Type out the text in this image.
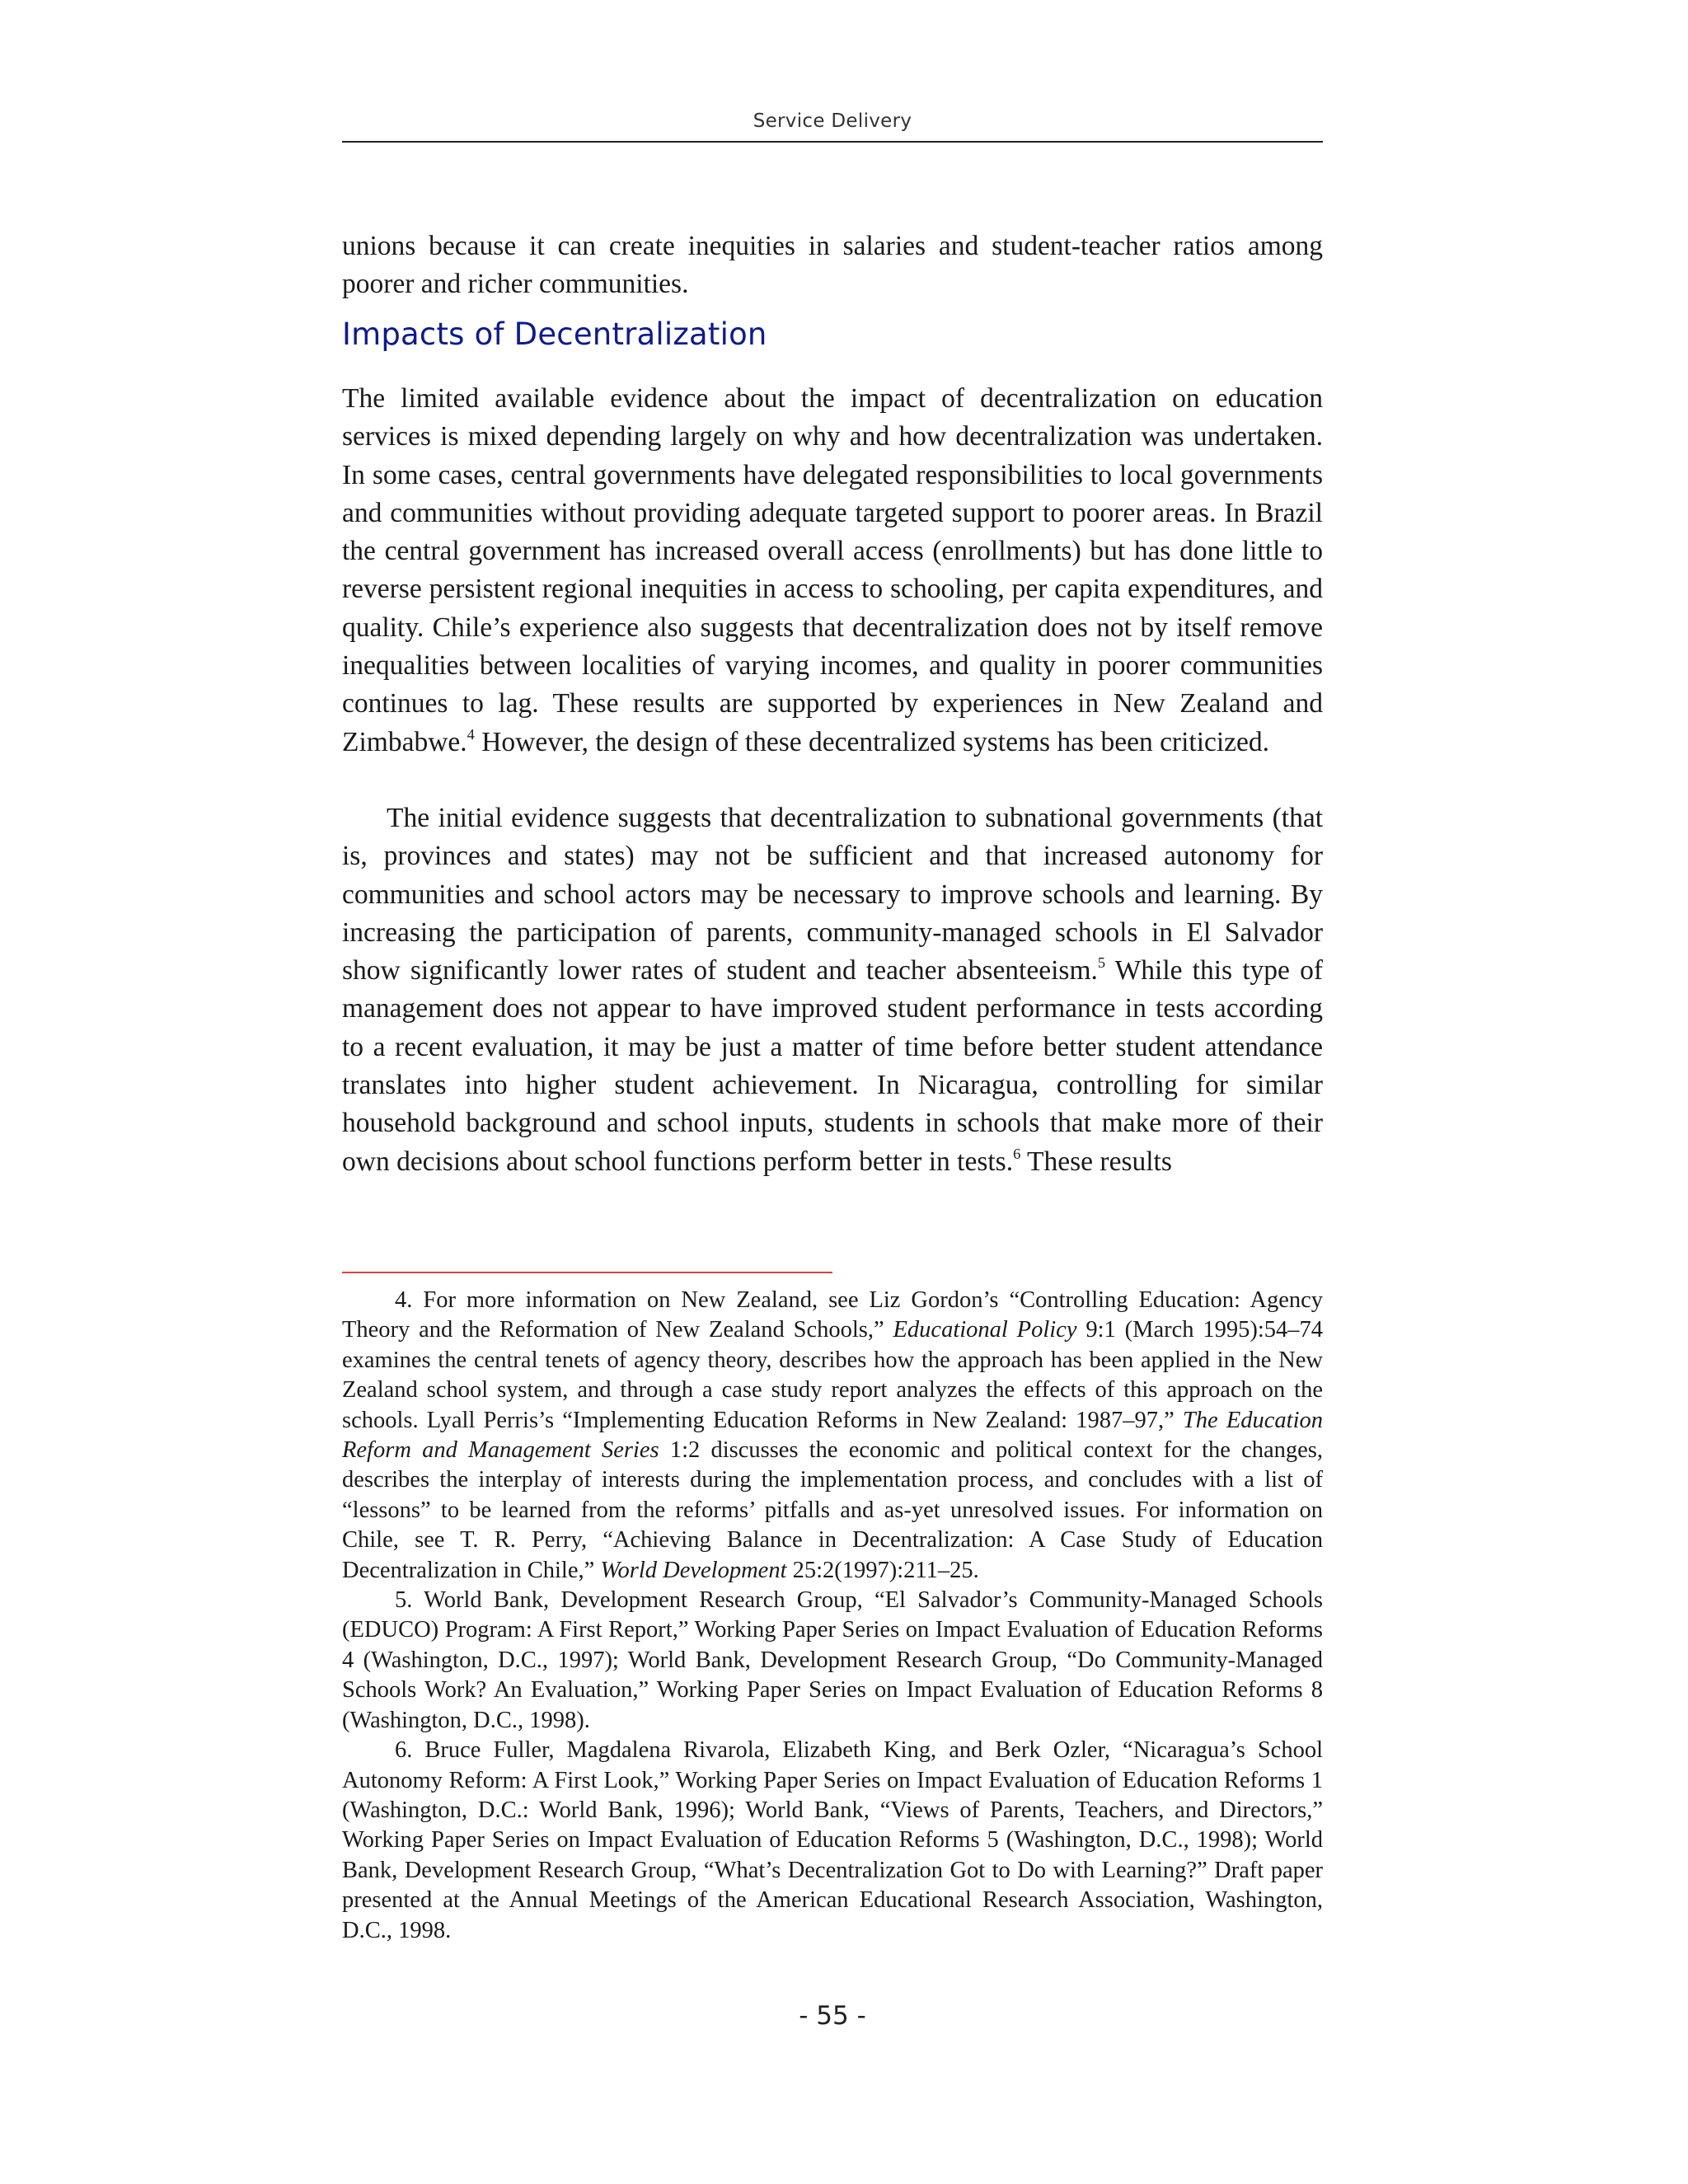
Service Delivery

unions because it can create inequities in salaries and student-teacher ratios among poorer and richer communities.

Impacts of Decentralization

The limited available evidence about the impact of decentralization on education services is mixed depending largely on why and how decentralization was undertaken. In some cases, central governments have delegated responsibilities to local governments and communities without providing adequate targeted support to poorer areas. In Brazil the central government has increased overall access (enrollments) but has done little to reverse persistent regional inequities in access to schooling, per capita expenditures, and quality. Chile’s experience also suggests that decentralization does not by itself remove inequalities between localities of varying incomes, and quality in poorer communities continues to lag. These results are supported by experiences in New Zealand and Zimbabwe.$^4$ However, the design of these decentralized systems has been criticized.

The initial evidence suggests that decentralization to subnational governments (that is, provinces and states) may not be sufficient and that increased autonomy for communities and school actors may be necessary to improve schools and learning. By increasing the participation of parents, community-managed schools in El Salvador show significantly lower rates of student and teacher absenteeism.$^5$ While this type of management does not appear to have improved student performance in tests according to a recent evaluation, it may be just a matter of time before better student attendance translates into higher student achievement. In Nicaragua, controlling for similar household background and school inputs, students in schools that make more of their own decisions about school functions perform better in tests.$^6$ These results

4. For more information on New Zealand, see Liz Gordon’s “Controlling Education: Agency Theory and the Reformation of New Zealand Schools,” Educational Policy 9:1 (March 1995):54–74 examines the central tenets of agency theory, describes how the approach has been applied in the New Zealand school system, and through a case study report analyzes the effects of this approach on the schools. Lyall Perris’s “Implementing Education Reforms in New Zealand: 1987–97,” The Education Reform and Management Series 1:2 discusses the economic and political context for the changes, describes the interplay of interests during the implementation process, and concludes with a list of “lessons” to be learned from the reforms’ pitfalls and as-yet unresolved issues. For information on Chile, see T. R. Perry, “Achieving Balance in Decentralization: A Case Study of Education Decentralization in Chile,” World Development 25:2(1997):211–25.

5. World Bank, Development Research Group, “El Salvador’s Community-Managed Schools (EDUCO) Program: A First Report,” Working Paper Series on Impact Evaluation of Education Reforms 4 (Washington, D.C., 1997); World Bank, Development Research Group, “Do Community-Managed Schools Work? An Evaluation,” Working Paper Series on Impact Evaluation of Education Reforms 8 (Washington, D.C., 1998).

6. Bruce Fuller, Magdalena Rivarola, Elizabeth King, and Berk Ozler, “Nicaragua’s School Autonomy Reform: A First Look,” Working Paper Series on Impact Evaluation of Education Reforms 1 (Washington, D.C.: World Bank, 1996); World Bank, “Views of Parents, Teachers, and Directors,” Working Paper Series on Impact Evaluation of Education Reforms 5 (Washington, D.C., 1998); World Bank, Development Research Group, “What’s Decentralization Got to Do with Learning?” Draft paper presented at the Annual Meetings of the American Educational Research Association, Washington, D.C., 1998.

- 55 -
